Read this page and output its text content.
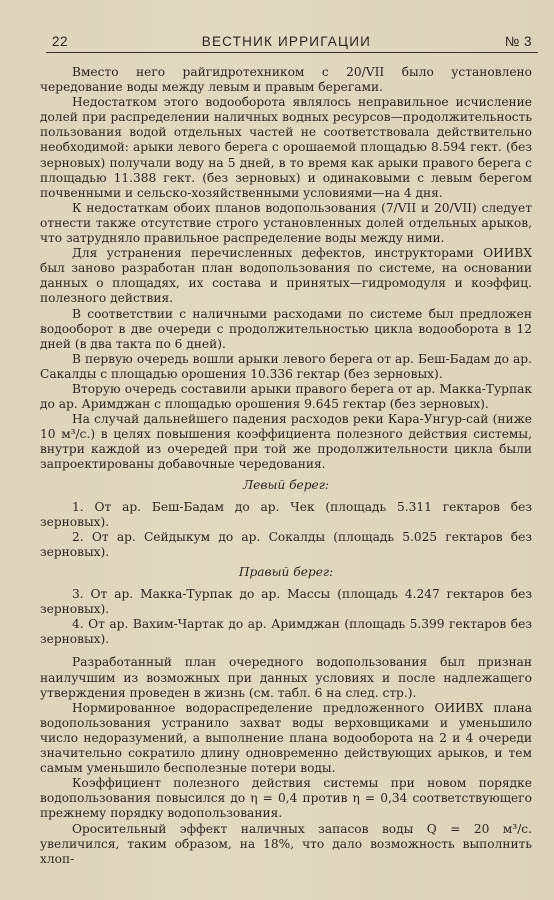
22	ВЕСТНИК ИРРИГАЦИИ	№ 3

Вместо него райгидротехником с 20/VII было установлено чередование воды между левым и правым берегами.

Недостатком этого водооборота являлось неправильное исчисление долей при распределении наличных водных ресурсов—продолжительность пользования водой отдельных частей не соответствовала действительно необходимой: арыки левого берега с орошаемой площадью 8.594 гект. (без зерновых) получали воду на 5 дней, в то время как арыки правого берега с площадью 11.388 гект. (без зерновых) и одинаковыми с левым берегом почвенными и сельско-хозяйственными условиями—на 4 дня.

К недостаткам обоих планов водопользования (7/VII и 20/VII) следует отнести также отсутствие строго установленных долей отдельных арыков, что затрудняло правильное распределение воды между ними.

Для устранения перечисленных дефектов, инструкторами ОИИВХ был заново разработан план водопользования по системе, на основании данных о площадях, их состава и принятых—гидромодуля и коэффиц. полезного действия.

В соответствии с наличными расходами по системе был предложен водооборот в две очереди с продолжительностью цикла водооборота в 12 дней (в два такта по 6 дней).

В первую очередь вошли арыки левого берега от ар. Беш-Бадам до ар. Сакалды с площадью орошения 10.336 гектар (без зерновых).

Вторую очередь составили арыки правого берега от ар. Макка-Турпак до ар. Аримджан с площадью орошения 9.645 гектар (без зерновых).

На случай дальнейшего падения расходов реки Кара-Унгур-сай (ниже 10 м³/с.) в целях повышения коэффициента полезного действия системы, внутри каждой из очередей при той же продолжительности цикла были запроектированы добавочные чередования.

Левый берег:

1. От ар. Беш-Бадам до ар. Чек (площадь 5.311 гектаров без зерновых).

2. От ар. Сейдыкум до ар. Сокалды (площадь 5.025 гектаров без зерновых).

Правый берег:

3. От ар. Макка-Турпак до ар. Массы (площадь 4.247 гектаров без зерновых).

4. От ар. Вахим-Чартак до ар. Аримджан (площадь 5.399 гектаров без зерновых).

Разработанный план очередного водопользования был признан наилучшим из возможных при данных условиях и после надлежащего утверждения проведен в жизнь (см. табл. 6 на след. стр.).

Нормированное водораспределение предложенного ОИИВХ плана водопользования устранило захват воды верховщиками и уменьшило число недоразумений, а выполнение плана водооборота на 2 и 4 очереди значительно сократило длину одновременно действующих арыков, и тем самым уменьшило бесполезные потери воды.

Коэффициент полезного действия системы при новом порядке водопользования повысился до η = 0,4 против η = 0,34 соответствующего прежнему порядку водопользования.

Оросительный эффект наличных запасов воды Q = 20 м³/с. увеличился, таким образом, на 18%, что дало возможность выполнить хлоп-
